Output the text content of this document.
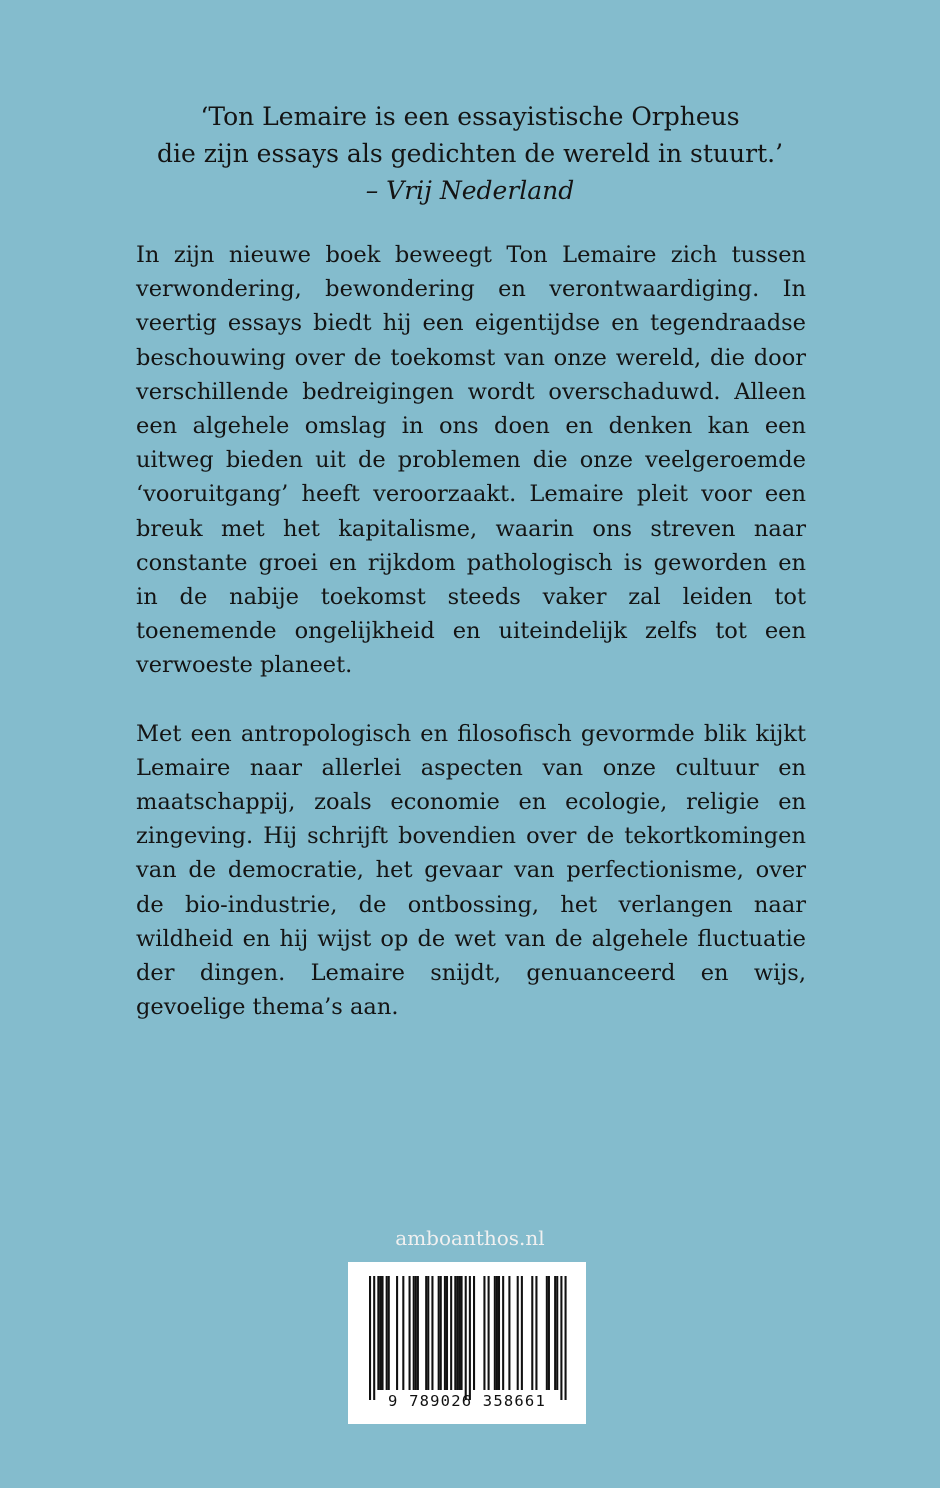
‘Ton Lemaire is een essayistische Orpheus
die zijn essays als gedichten de wereld in stuurt.’
– Vrij Nederland

In zijn nieuwe boek beweegt Ton Lemaire zich tussen verwondering, bewondering en verontwaardiging. In veertig essays biedt hij een eigentijdse en tegendraadse beschouwing over de toekomst van onze wereld, die door verschillende bedreigingen wordt overschaduwd. Alleen een algehele omslag in ons doen en denken kan een uitweg bieden uit de problemen die onze veelgeroemde ‘vooruitgang’ heeft veroorzaakt. Lemaire pleit voor een breuk met het kapitalisme, waarin ons streven naar constante groei en rijkdom pathologisch is geworden en in de nabije toekomst steeds vaker zal leiden tot toenemende ongelijkheid en uiteindelijk zelfs tot een verwoeste planeet.

Met een antropologisch en filosofisch gevormde blik kijkt Lemaire naar allerlei aspecten van onze cultuur en maatschappij, zoals economie en ecologie, religie en zingeving. Hij schrijft bovendien over de tekortkomingen van de democratie, het gevaar van perfectionisme, over de bio-industrie, de ontbossing, het verlangen naar wildheid en hij wijst op de wet van de algehele fluctuatie der dingen. Lemaire snijdt, genuanceerd en wijs, gevoelige thema’s aan.

amboanthos.nl
9 789026 358661
